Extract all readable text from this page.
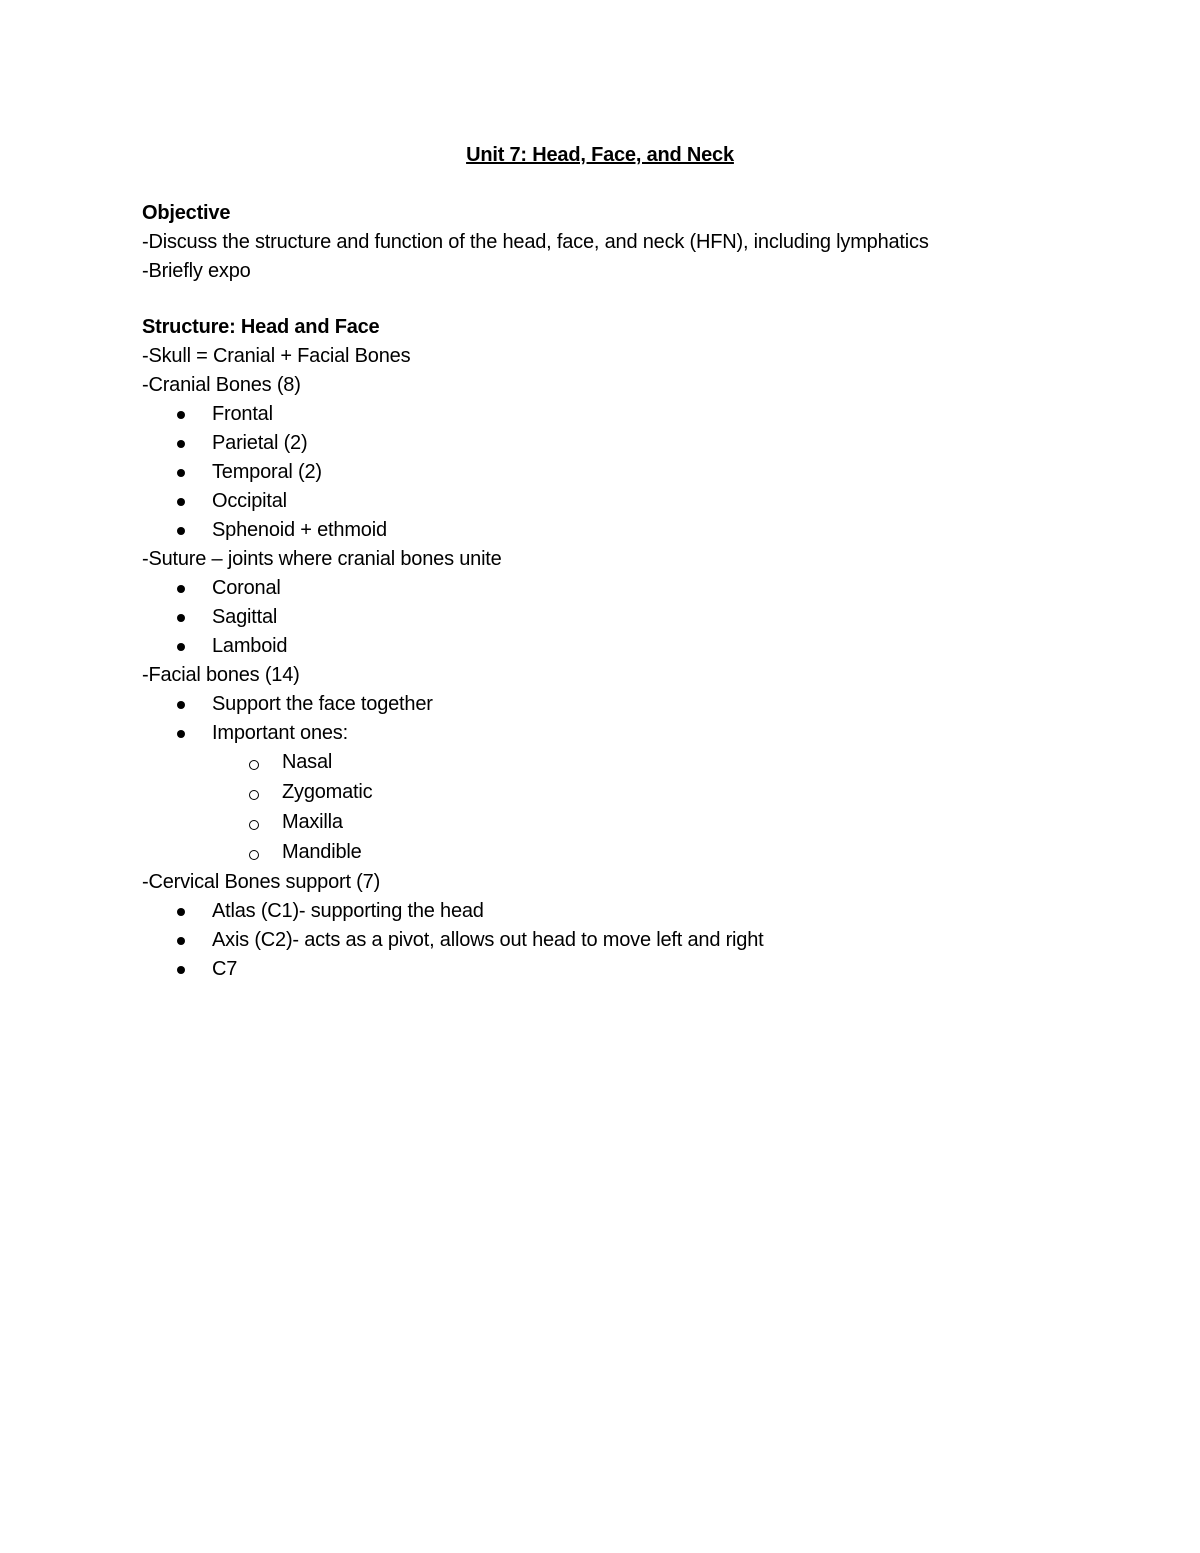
Unit 7: Head, Face, and Neck
Objective
-Discuss the structure and function of the head, face, and neck (HFN), including lymphatics
-Briefly expo
Structure: Head and Face
-Skull = Cranial + Facial Bones
-Cranial Bones (8)
Frontal
Parietal (2)
Temporal (2)
Occipital
Sphenoid + ethmoid
-Suture – joints where cranial bones unite
Coronal
Sagittal
Lamboid
-Facial bones (14)
Support the face together
Important ones:
Nasal
Zygomatic
Maxilla
Mandible
-Cervical Bones support (7)
Atlas (C1)- supporting the head
Axis (C2)- acts as a pivot, allows out head to move left and right
C7
